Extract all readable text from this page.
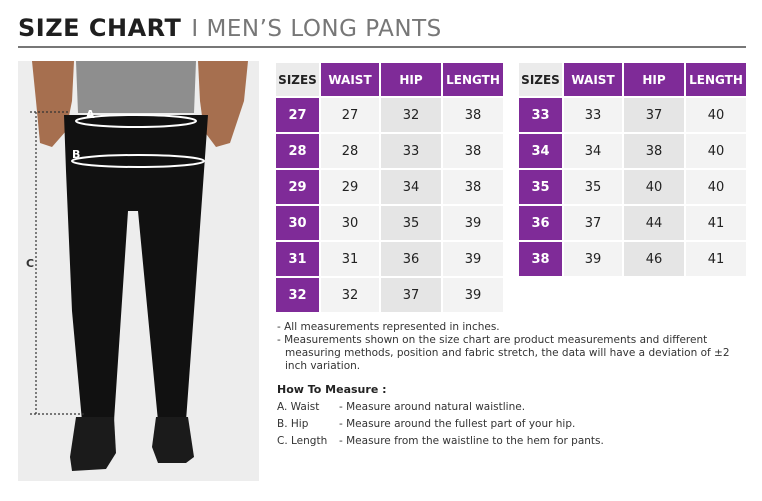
SIZE CHART I MEN’S LONG PANTS
A
B
C
SIZES	WAIST	HIP	LENGTH
27	27	32	38
28	28	33	38
29	29	34	38
30	30	35	39
31	31	36	39
32	32	37	39
SIZES	WAIST	HIP	LENGTH
33	33	37	40
34	34	38	40
35	35	40	40
36	37	44	41
38	39	46	41
- All measurements represented in inches.
- Measurements shown on the size chart are product measurements and different measuring methods, position and fabric stretch, the data will have a deviation of ±2 inch variation.
How To Measure :
A. Waist	- Measure around natural waistline.
B. Hip	- Measure around the fullest part of your hip.
C. Length	- Measure from the waistline to the hem for pants.
